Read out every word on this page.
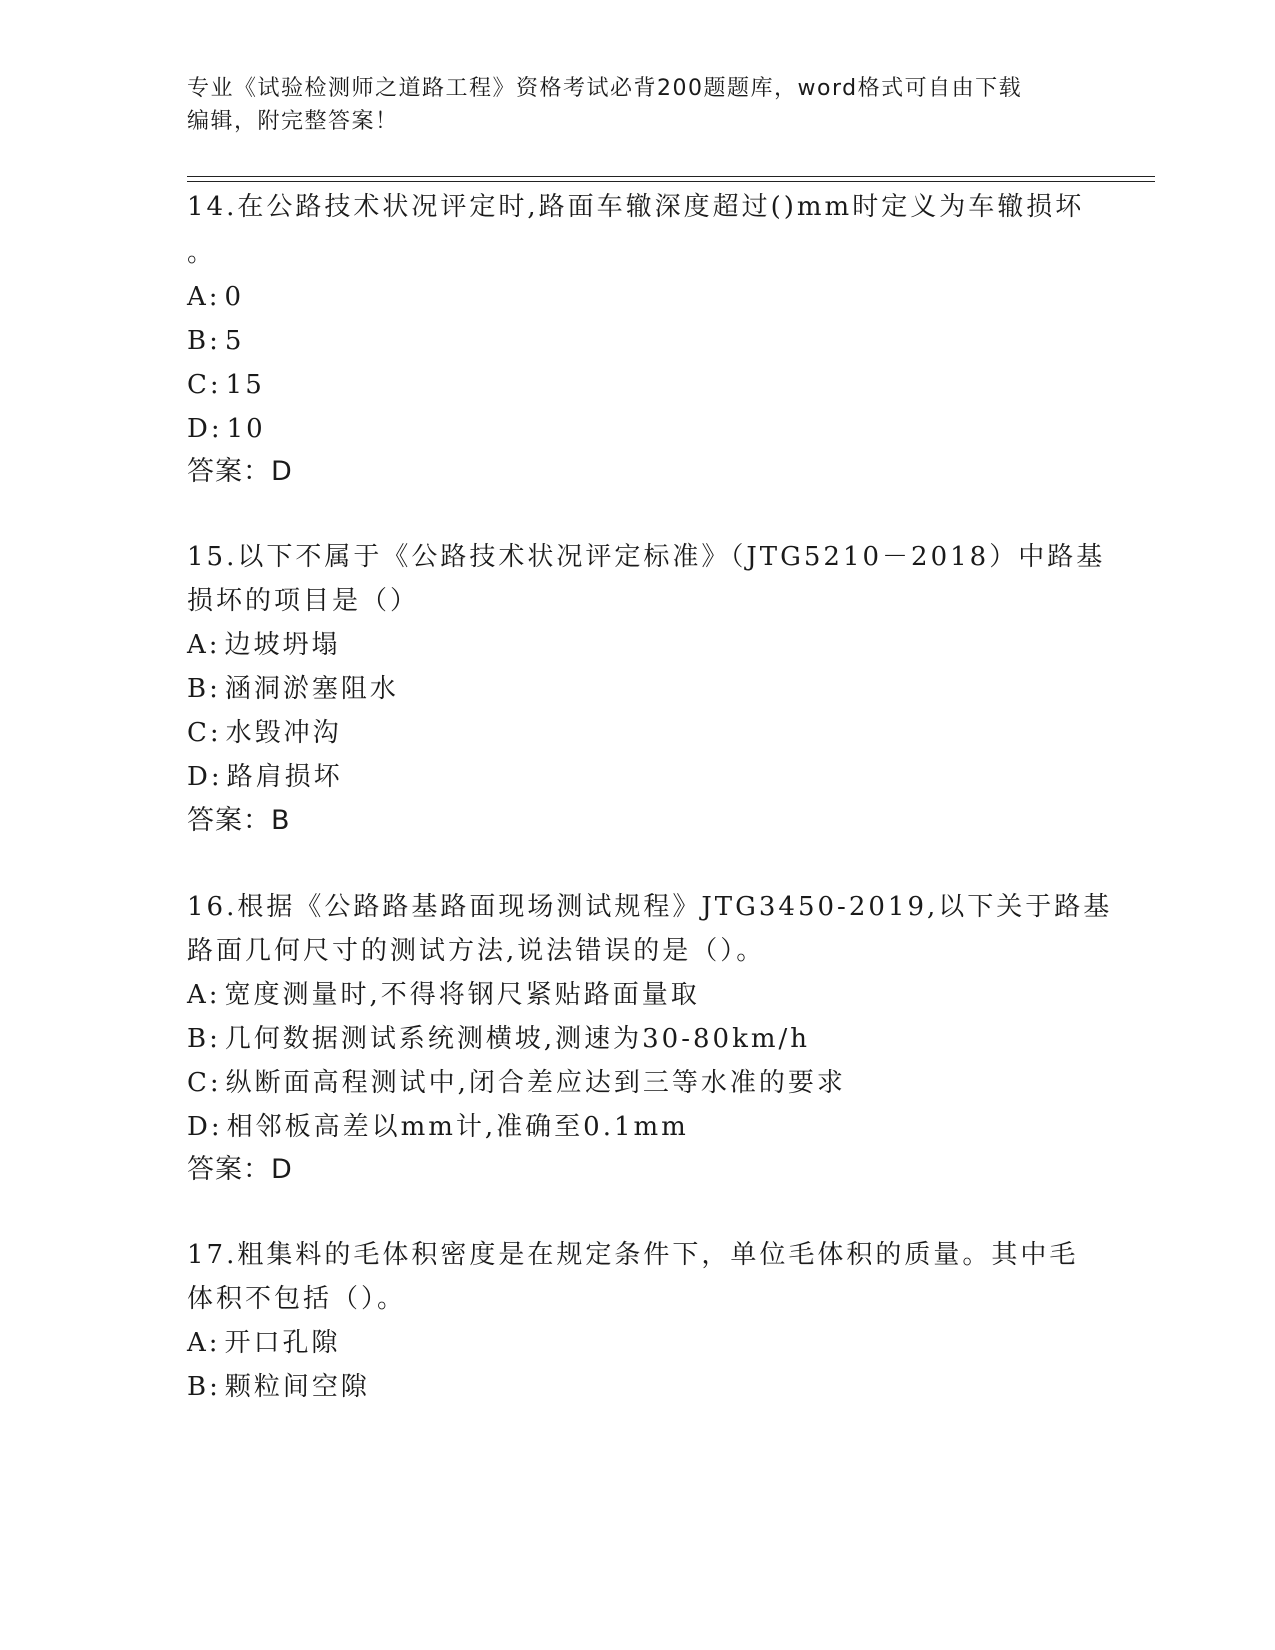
专业《试验检测师之道路工程》资格考试必背200题题库，word格式可自由下载
编辑，附完整答案！
14.在公路技术状况评定时,路面车辙深度超过()mm时定义为车辙损坏
。
A: 0
B: 5
C: 15
D: 10
答案：D
15.以下不属于《公路技术状况评定标准》（JTG5210－2018）中路基
损坏的项目是（）
A: 边坡坍塌
B: 涵洞淤塞阻水
C: 水毁冲沟
D: 路肩损坏
答案：B
16.根据《公路路基路面现场测试规程》JTG3450-2019,以下关于路基
路面几何尺寸的测试方法,说法错误的是（）。
A: 宽度测量时,不得将钢尺紧贴路面量取
B: 几何数据测试系统测横坡,测速为30-80km/h
C: 纵断面高程测试中,闭合差应达到三等水准的要求
D: 相邻板高差以mm计,准确至0.1mm
答案：D
17.粗集料的毛体积密度是在规定条件下，单位毛体积的质量。其中毛
体积不包括（）。
A: 开口孔隙
B: 颗粒间空隙
